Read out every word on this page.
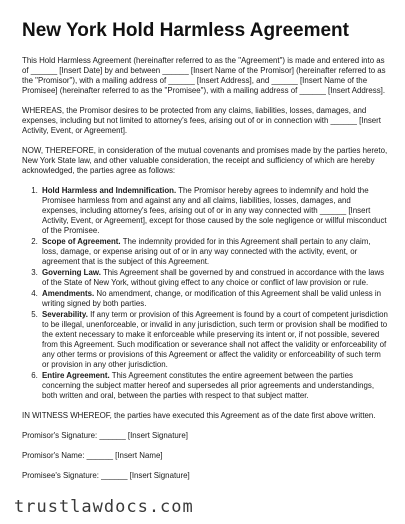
New York Hold Harmless Agreement

This Hold Harmless Agreement (hereinafter referred to as the "Agreement") is made and entered into as of ______ [Insert Date] by and between ______ [Insert Name of the Promisor] (hereinafter referred to as the "Promisor"), with a mailing address of ______ [Insert Address], and ______ [Insert Name of the Promisee] (hereinafter referred to as the "Promisee"), with a mailing address of ______ [Insert Address].

WHEREAS, the Promisor desires to be protected from any claims, liabilities, losses, damages, and expenses, including but not limited to attorney's fees, arising out of or in connection with ______ [Insert Activity, Event, or Agreement].

NOW, THEREFORE, in consideration of the mutual covenants and promises made by the parties hereto, New York State law, and other valuable consideration, the receipt and sufficiency of which are hereby acknowledged, the parties agree as follows:

1. Hold Harmless and Indemnification. The Promisor hereby agrees to indemnify and hold the Promisee harmless from and against any and all claims, liabilities, losses, damages, and expenses, including attorney's fees, arising out of or in any way connected with ______ [Insert Activity, Event, or Agreement], except for those caused by the sole negligence or willful misconduct of the Promisee.
2. Scope of Agreement. The indemnity provided for in this Agreement shall pertain to any claim, loss, damage, or expense arising out of or in any way connected with the activity, event, or agreement that is the subject of this Agreement.
3. Governing Law. This Agreement shall be governed by and construed in accordance with the laws of the State of New York, without giving effect to any choice or conflict of law provision or rule.
4. Amendments. No amendment, change, or modification of this Agreement shall be valid unless in writing signed by both parties.
5. Severability. If any term or provision of this Agreement is found by a court of competent jurisdiction to be illegal, unenforceable, or invalid in any jurisdiction, such term or provision shall be modified to the extent necessary to make it enforceable while preserving its intent or, if not possible, severed from this Agreement. Such modification or severance shall not affect the validity or enforceability of any other terms or provisions of this Agreement or affect the validity or enforceability of such term or provision in any other jurisdiction.
6. Entire Agreement. This Agreement constitutes the entire agreement between the parties concerning the subject matter hereof and supersedes all prior agreements and understandings, both written and oral, between the parties with respect to that subject matter.

IN WITNESS WHEREOF, the parties have executed this Agreement as of the date first above written.

Promisor's Signature: ______ [Insert Signature]

Promisor's Name: ______ [Insert Name]

Promisee's Signature: ______ [Insert Signature]

trustlawdocs.com
